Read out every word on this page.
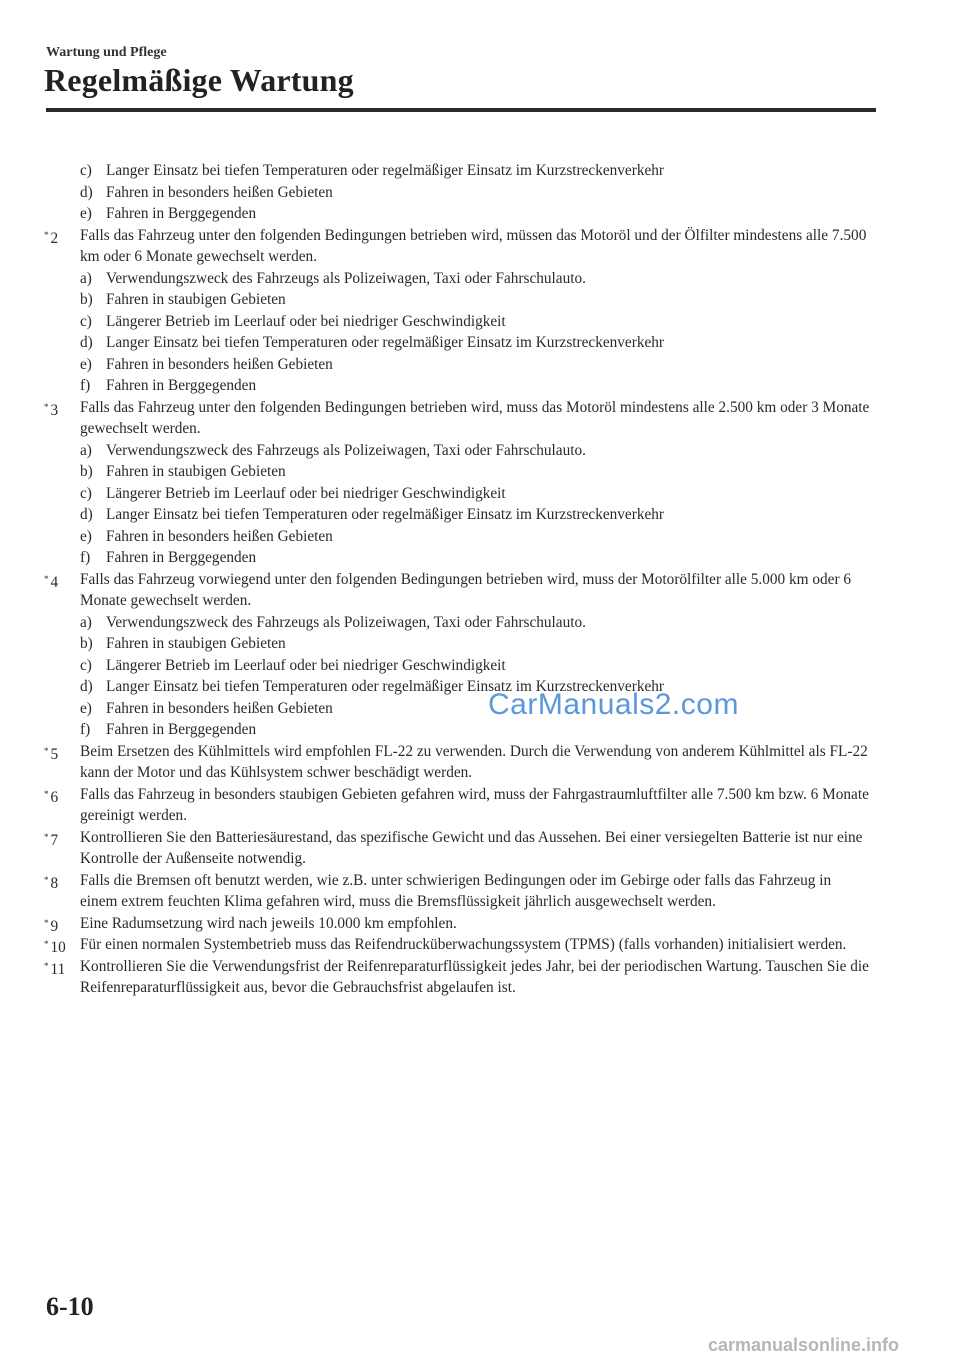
Wartung und Pflege
Regelmäßige Wartung
c) Langer Einsatz bei tiefen Temperaturen oder regelmäßiger Einsatz im Kurzstreckenverkehr
d) Fahren in besonders heißen Gebieten
e) Fahren in Berggegenden
* 2 Falls das Fahrzeug unter den folgenden Bedingungen betrieben wird, müssen das Motoröl und der Ölfilter mindestens alle 7.500 km oder 6 Monate gewechselt werden.
a) Verwendungszweck des Fahrzeugs als Polizeiwagen, Taxi oder Fahrschulauto.
b) Fahren in staubigen Gebieten
c) Längerer Betrieb im Leerlauf oder bei niedriger Geschwindigkeit
d) Langer Einsatz bei tiefen Temperaturen oder regelmäßiger Einsatz im Kurzstreckenverkehr
e) Fahren in besonders heißen Gebieten
f) Fahren in Berggegenden
* 3 Falls das Fahrzeug unter den folgenden Bedingungen betrieben wird, muss das Motoröl mindestens alle 2.500 km oder 3 Monate gewechselt werden.
a) Verwendungszweck des Fahrzeugs als Polizeiwagen, Taxi oder Fahrschulauto.
b) Fahren in staubigen Gebieten
c) Längerer Betrieb im Leerlauf oder bei niedriger Geschwindigkeit
d) Langer Einsatz bei tiefen Temperaturen oder regelmäßiger Einsatz im Kurzstreckenverkehr
e) Fahren in besonders heißen Gebieten
f) Fahren in Berggegenden
* 4 Falls das Fahrzeug vorwiegend unter den folgenden Bedingungen betrieben wird, muss der Motorölfilter alle 5.000 km oder 6 Monate gewechselt werden.
a) Verwendungszweck des Fahrzeugs als Polizeiwagen, Taxi oder Fahrschulauto.
b) Fahren in staubigen Gebieten
c) Längerer Betrieb im Leerlauf oder bei niedriger Geschwindigkeit
d) Langer Einsatz bei tiefen Temperaturen oder regelmäßiger Einsatz im Kurzstreckenverkehr
e) Fahren in besonders heißen Gebieten
f) Fahren in Berggegenden
* 5 Beim Ersetzen des Kühlmittels wird empfohlen FL-22 zu verwenden. Durch die Verwendung von anderem Kühlmittel als FL-22 kann der Motor und das Kühlsystem schwer beschädigt werden.
* 6 Falls das Fahrzeug in besonders staubigen Gebieten gefahren wird, muss der Fahrgastraumluftfilter alle 7.500 km bzw. 6 Monate gereinigt werden.
* 7 Kontrollieren Sie den Batteriesäurestand, das spezifische Gewicht und das Aussehen. Bei einer versiegelten Batterie ist nur eine Kontrolle der Außenseite notwendig.
* 8 Falls die Bremsen oft benutzt werden, wie z.B. unter schwierigen Bedingungen oder im Gebirge oder falls das Fahrzeug in einem extrem feuchten Klima gefahren wird, muss die Bremsflüssigkeit jährlich ausgewechselt werden.
* 9 Eine Radumsetzung wird nach jeweils 10.000 km empfohlen.
* 10 Für einen normalen Systembetrieb muss das Reifendrucküberwachungssystem (TPMS) (falls vorhanden) initialisiert werden.
* 11 Kontrollieren Sie die Verwendungsfrist der Reifenreparaturflüssigkeit jedes Jahr, bei der periodischen Wartung. Tauschen Sie die Reifenreparaturflüssigkeit aus, bevor die Gebrauchsfrist abgelaufen ist.
CarManuals2.com
6-10
carmanualsonline.info
